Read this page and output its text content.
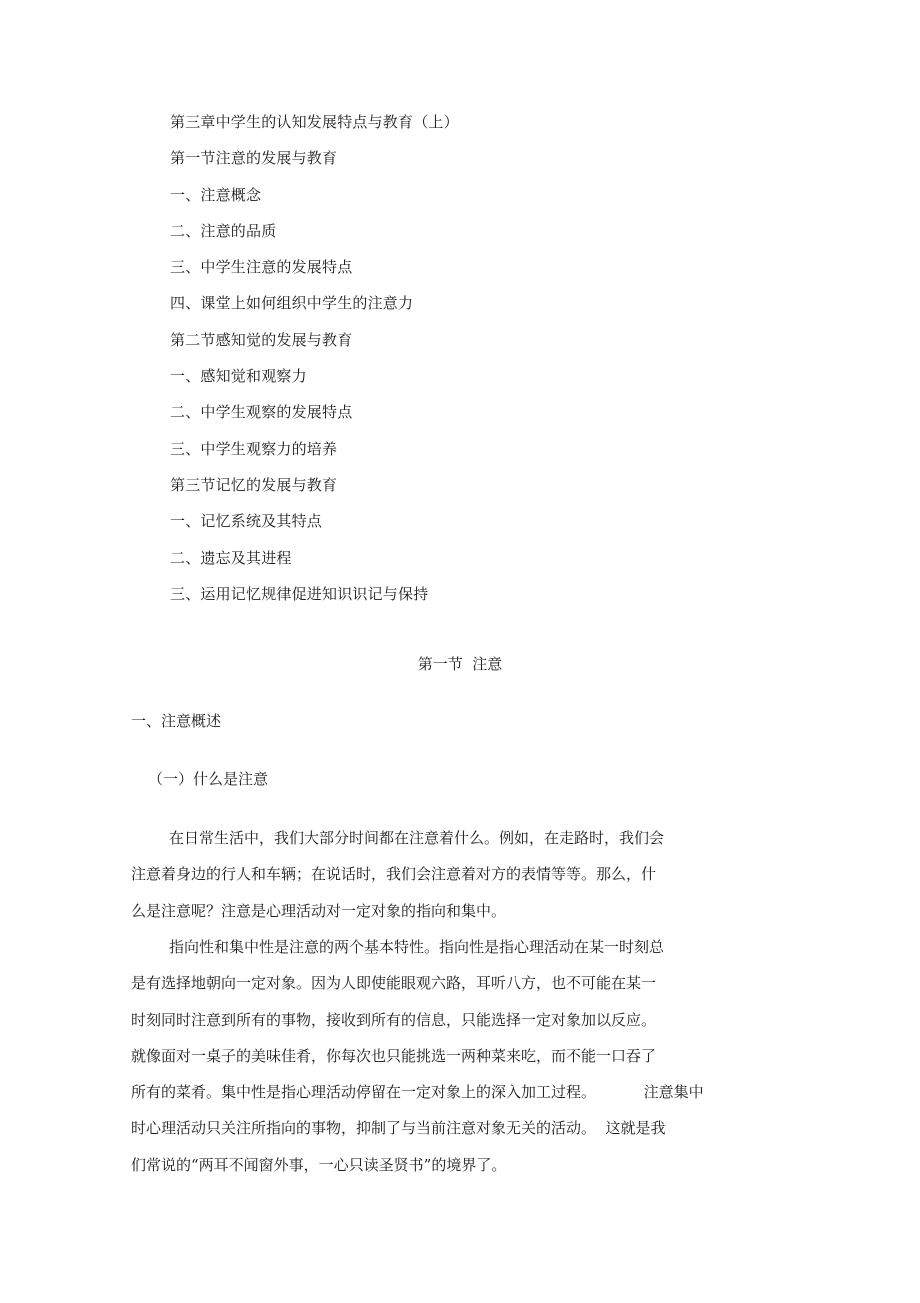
第三章中学生的认知发展特点与教育（上）
第一节注意的发展与教育
一、注意概念
二、注意的品质
三、中学生注意的发展特点
四、课堂上如何组织中学生的注意力
第二节感知觉的发展与教育
一、感知觉和观察力
二、中学生观察的发展特点
三、中学生观察力的培养
第三节记忆的发展与教育
一、记忆系统及其特点
二、遗忘及其进程
三、运用记忆规律促进知识识记与保持
第一节  注意
一、注意概述
（一）什么是注意

在日常生活中，我们大部分时间都在注意着什么。例如，在走路时，我们会
注意着身边的行人和车辆；在说话时，我们会注意着对方的表情等等。那么，什
么是注意呢？注意是心理活动对一定对象的指向和集中。

指向性和集中性是注意的两个基本特性。指向性是指心理活动在某一时刻总
是有选择地朝向一定对象。因为人即使能眼观六路，耳听八方，也不可能在某一
时刻同时注意到所有的事物，接收到所有的信息，只能选择一定对象加以反应。
就像面对一桌子的美味佳肴，你每次也只能挑选一两种菜来吃，而不能一口吞了
所有的菜肴。集中性是指心理活动停留在一定对象上的深入加工过程。          注意集中
时心理活动只关注所指向的事物，抑制了与当前注意对象无关的活动。  这就是我
们常说的“两耳不闻窗外事，一心只读圣贤书”的境界了。
